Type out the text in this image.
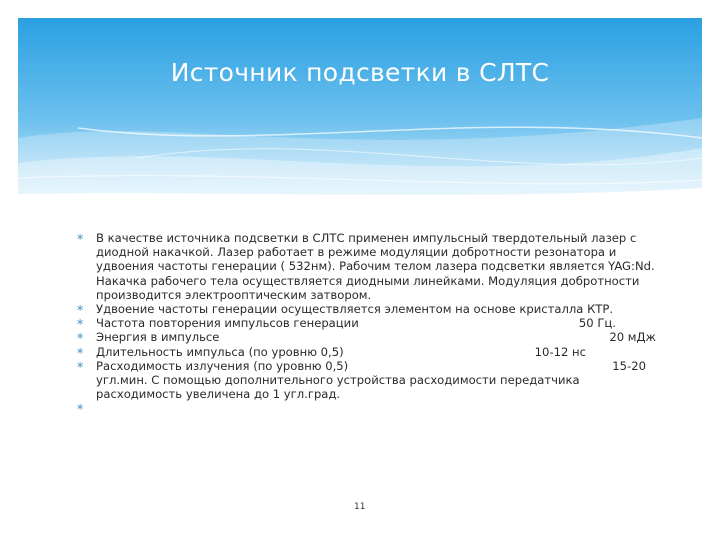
Источник подсветки в СЛТС
∗ В качестве источника подсветки в СЛТС применен импульсный твердотельный лазер с диодной накачкой. Лазер работает в режиме модуляции добротности резонатора и удвоения частоты генерации ( 532нм). Рабочим телом лазера подсветки является YAG:Nd. Накачка рабочего тела осуществляется диодными линейками. Модуляция добротности производится электрооптическим затвором.
∗ Удвоение частоты генерации осуществляется элементом на основе кристалла КТР.
∗ Частота повторения импульсов генерации	50 Гц.
∗ Энергия в импульсе	20 мДж
∗ Длительность импульса (по уровню 0,5)	10-12 нс
∗ Расходимость излучения (по уровню 0,5)	15-20
угл.мин. С помощью дополнительного устройства расходимости передатчика расходимость увеличена до 1 угл.град.
∗
11
